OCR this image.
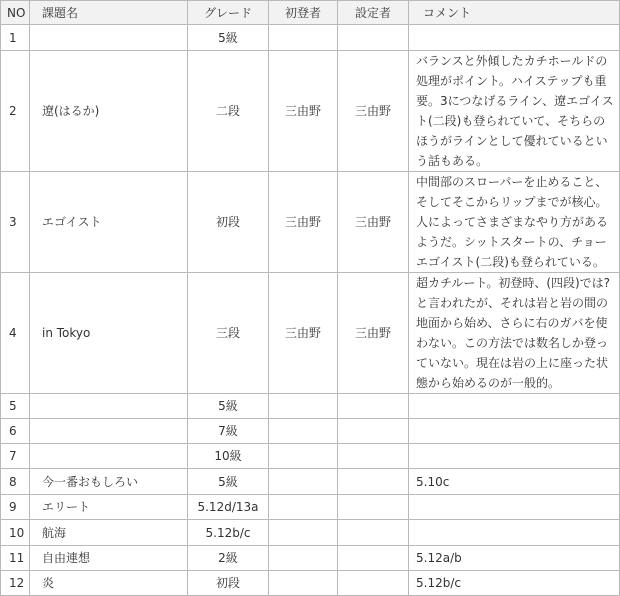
NO	課題名	グレード	初登者	設定者	コメント
1		5級			
2	遼(はるか)	二段	三由野	三由野	バランスと外傾したカチホールドの処理がポイント。ハイステップも重要。3につなげるライン、遼エゴイスト(二段)も登られていて、そちらのほうがラインとして優れているという話もある。
3	エゴイスト	初段	三由野	三由野	中間部のスローパーを止めること、そしてそこからリップまでが核心。人によってさまざまなやり方があるようだ。シットスタートの、チョーエゴイスト(二段)も登られている。
4	in Tokyo	三段	三由野	三由野	超カチルート。初登時、(四段)では?と言われたが、それは岩と岩の間の地面から始め、さらに右のガバを使わない。この方法では数名しか登っていない。現在は岩の上に座った状態から始めるのが一般的。
5		5級			
6		7級			
7		10級			
8	今一番おもしろい	5級			5.10c
9	エリート	5.12d/13a			
10	航海	5.12b/c			
11	自由連想	2級			5.12a/b
12	炎	初段			5.12b/c
